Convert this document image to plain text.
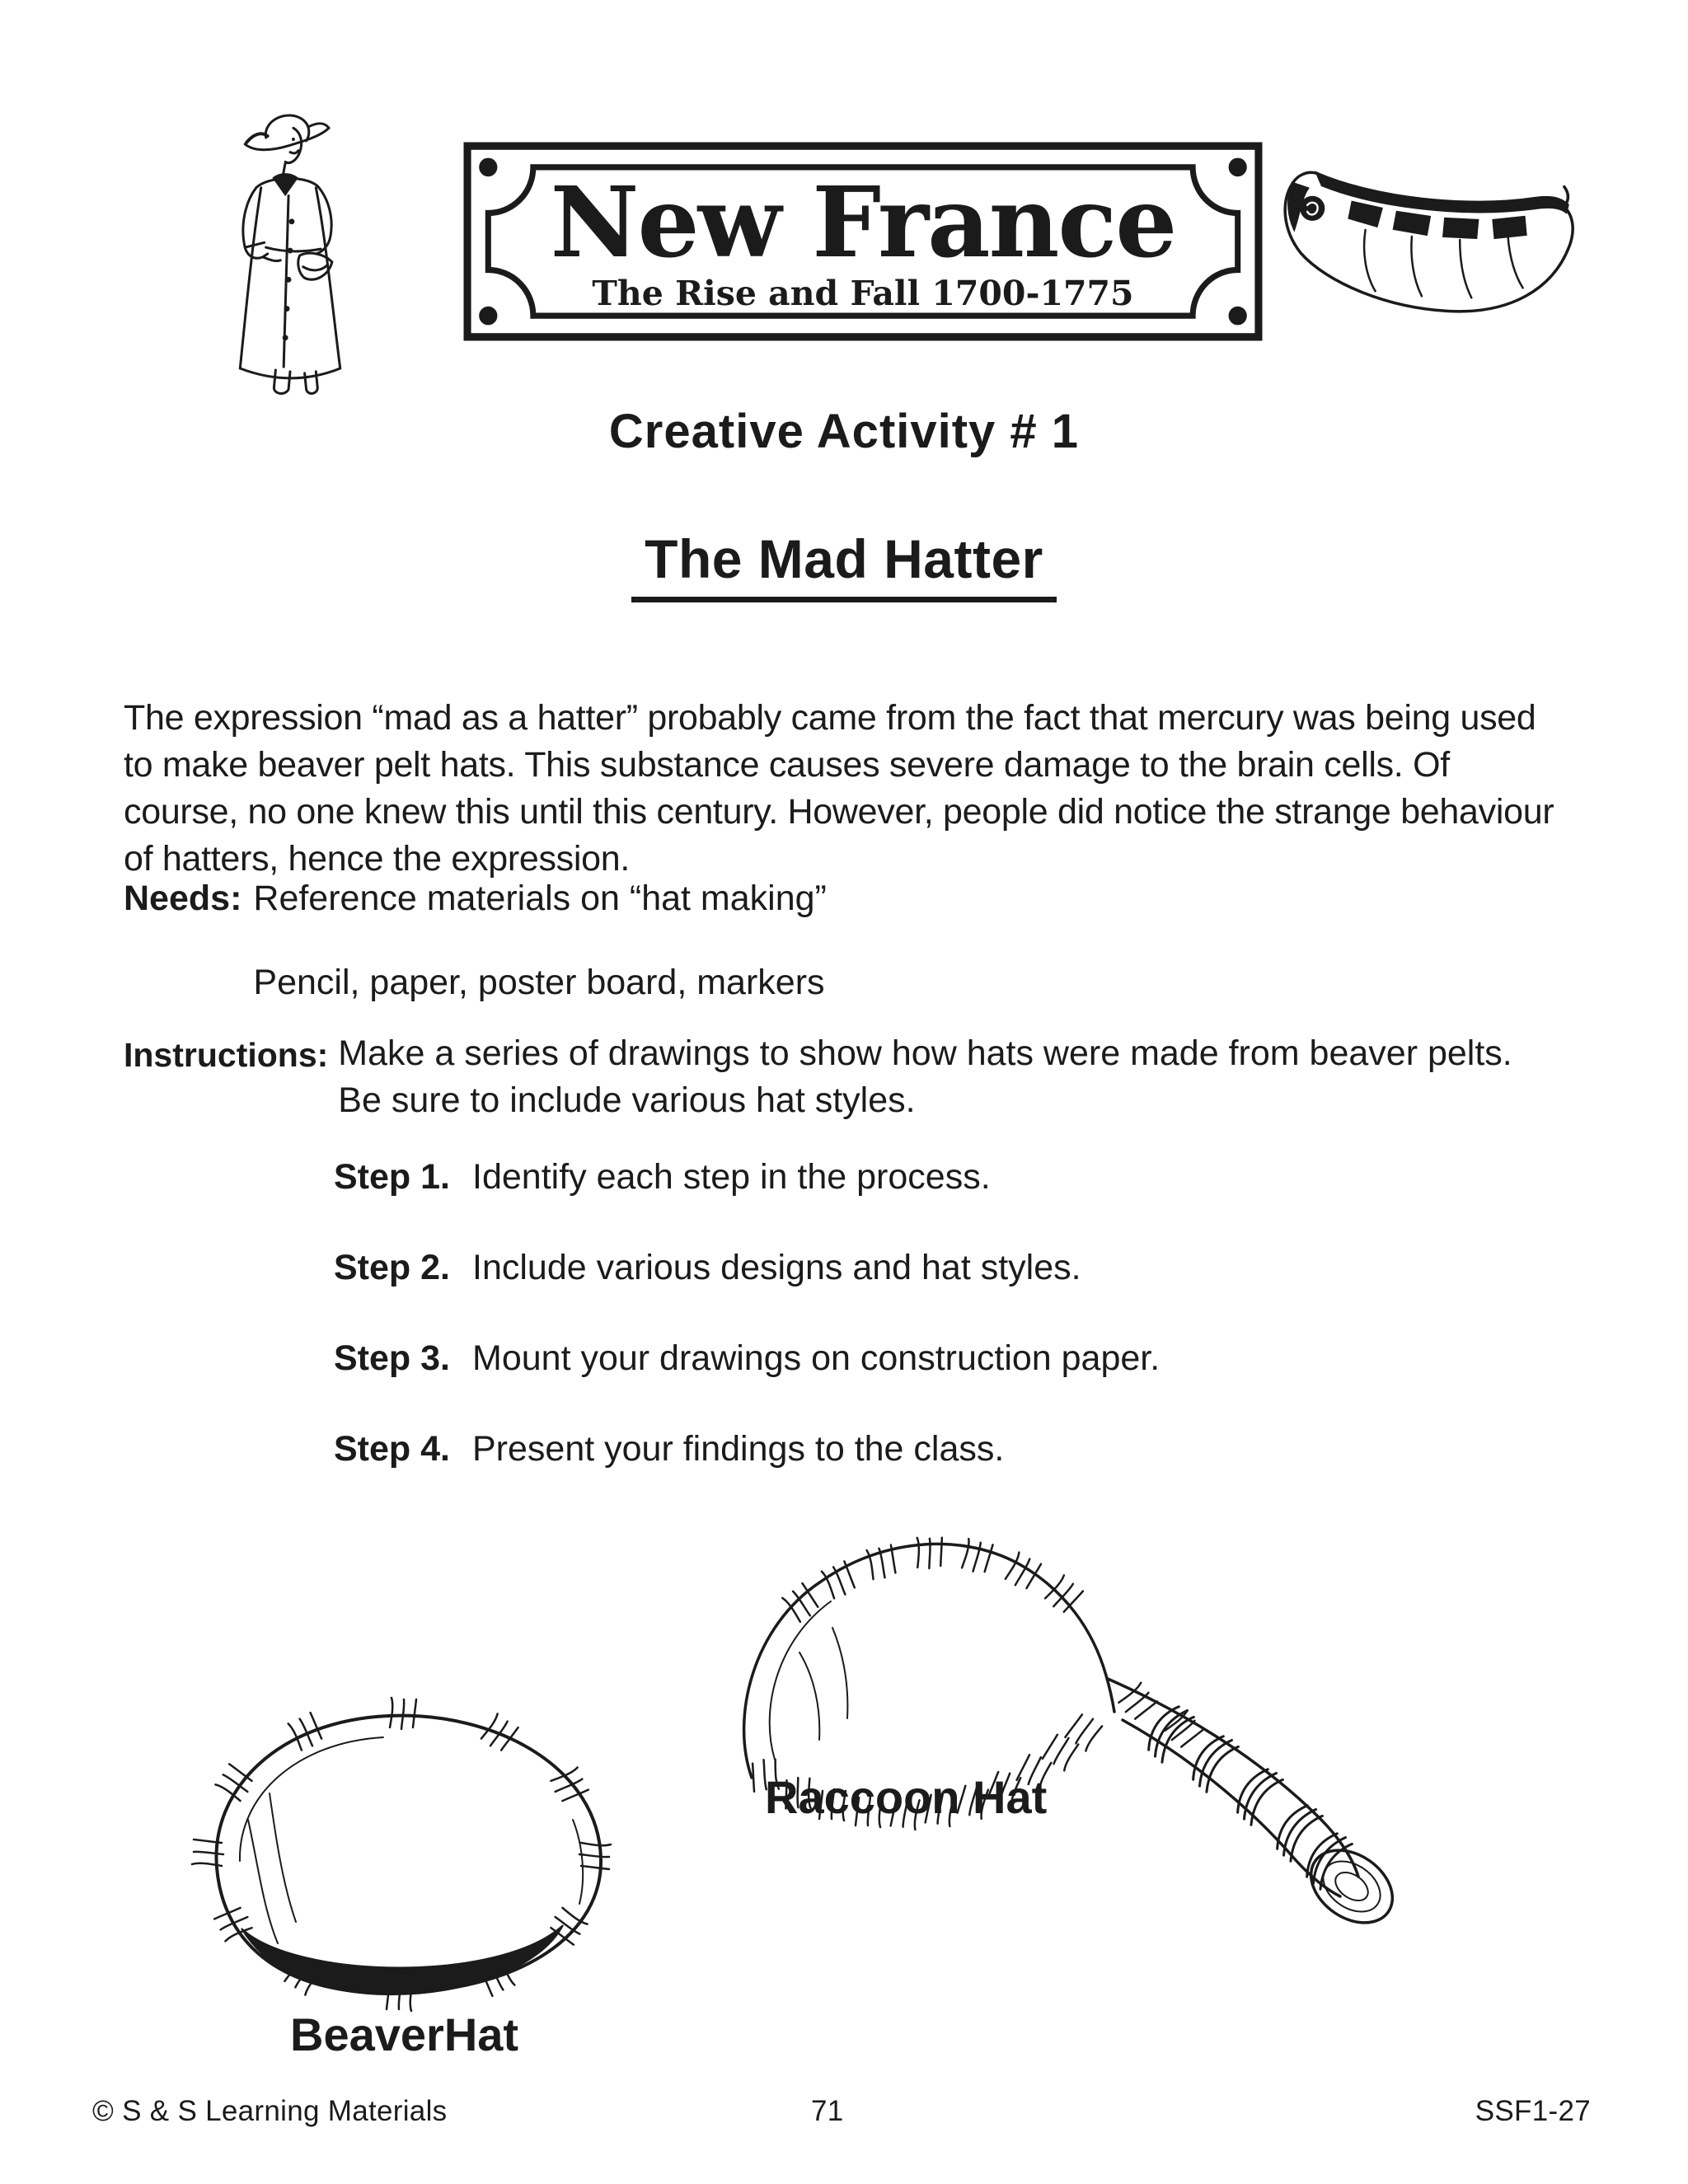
New France
The Rise and Fall 1700-1775
Creative Activity # 1
The Mad Hatter

The expression “mad as a hatter” probably came from the fact that mercury was being used to make beaver pelt hats. This substance causes severe damage to the brain cells. Of course, no one knew this until this century. However, people did notice the strange behaviour of hatters, hence the expression.

Needs: Reference materials on “hat making”
Pencil, paper, poster board, markers
Instructions: Make a series of drawings to show how hats were made from beaver pelts. Be sure to include various hat styles.
Step 1. Identify each step in the process.
Step 2. Include various designs and hat styles.
Step 3. Mount your drawings on construction paper.
Step 4. Present your findings to the class.
Raccoon Hat
BeaverHat
© S & S Learning Materials	71	SSF1-27
